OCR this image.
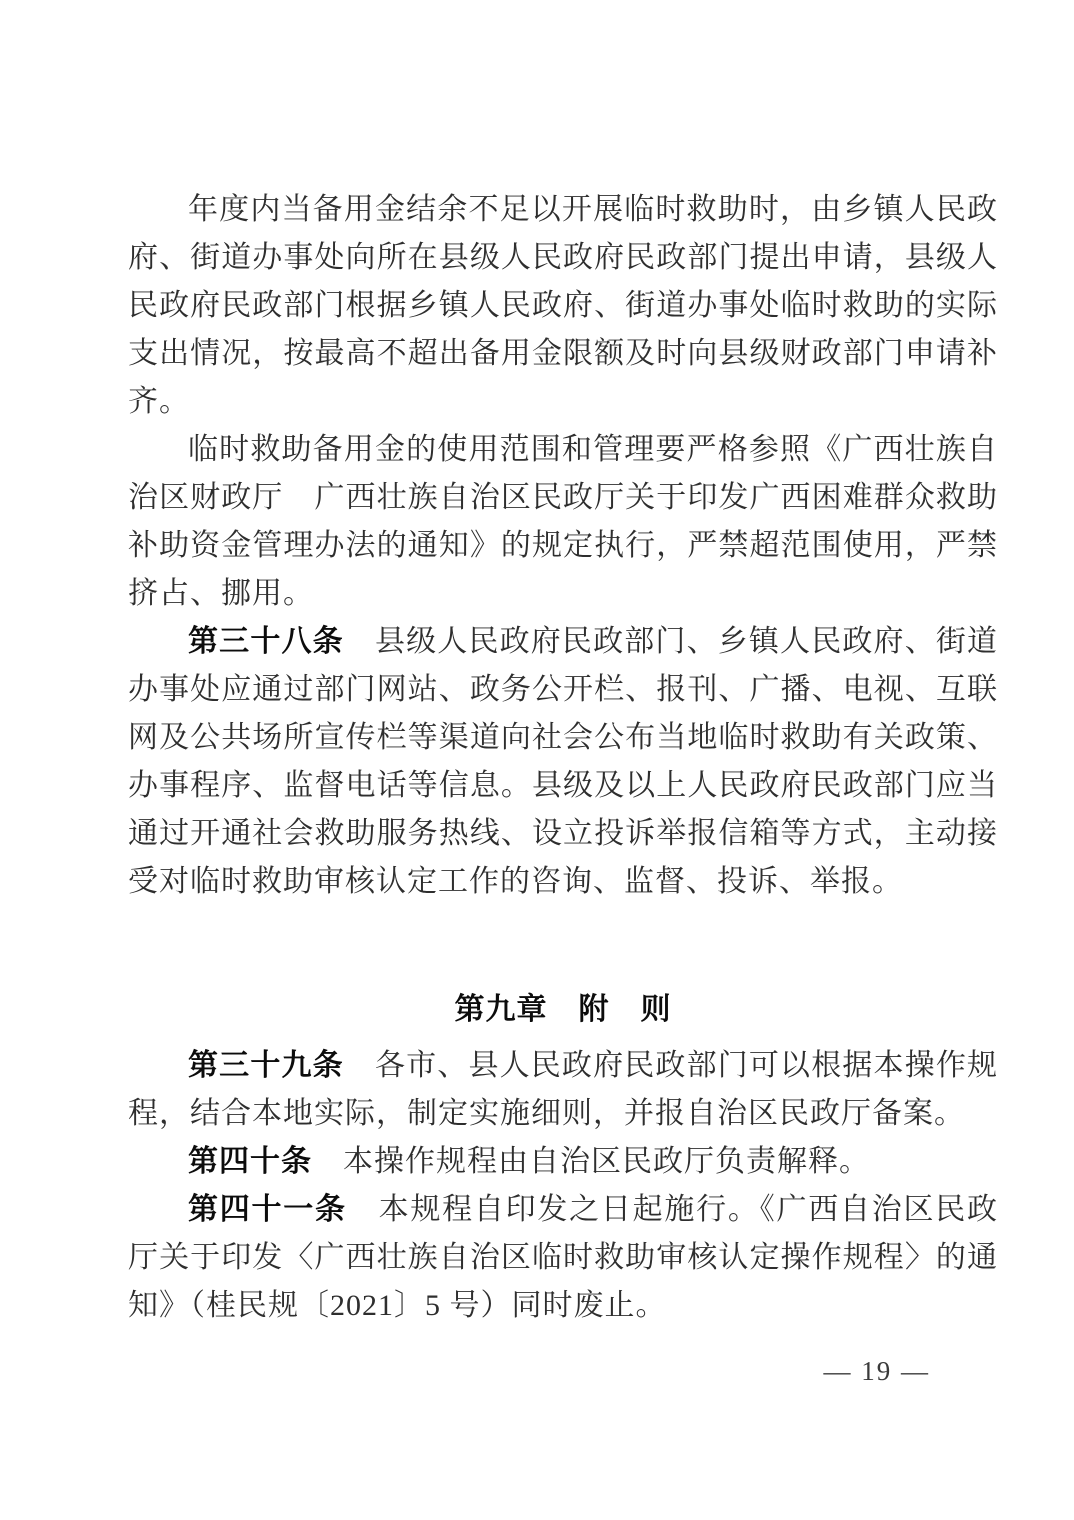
年度内当备用金结余不足以开展临时救助时，由乡镇人民政府、街道办事处向所在县级人民政府民政部门提出申请，县级人民政府民政部门根据乡镇人民政府、街道办事处临时救助的实际支出情况，按最高不超出备用金限额及时向县级财政部门申请补齐。

临时救助备用金的使用范围和管理要严格参照《广西壮族自治区财政厅　广西壮族自治区民政厅关于印发广西困难群众救助补助资金管理办法的通知》的规定执行，严禁超范围使用，严禁挤占、挪用。

第三十八条　县级人民政府民政部门、乡镇人民政府、街道办事处应通过部门网站、政务公开栏、报刊、广播、电视、互联网及公共场所宣传栏等渠道向社会公布当地临时救助有关政策、办事程序、监督电话等信息。县级及以上人民政府民政部门应当通过开通社会救助服务热线、设立投诉举报信箱等方式，主动接受对临时救助审核认定工作的咨询、监督、投诉、举报。

第九章　附　则

第三十九条　各市、县人民政府民政部门可以根据本操作规程，结合本地实际，制定实施细则，并报自治区民政厅备案。

第四十条　本操作规程由自治区民政厅负责解释。

第四十一条　本规程自印发之日起施行。《广西自治区民政厅关于印发〈广西壮族自治区临时救助审核认定操作规程〉的通知》（桂民规〔2021〕5 号）同时废止。

— 19 —
